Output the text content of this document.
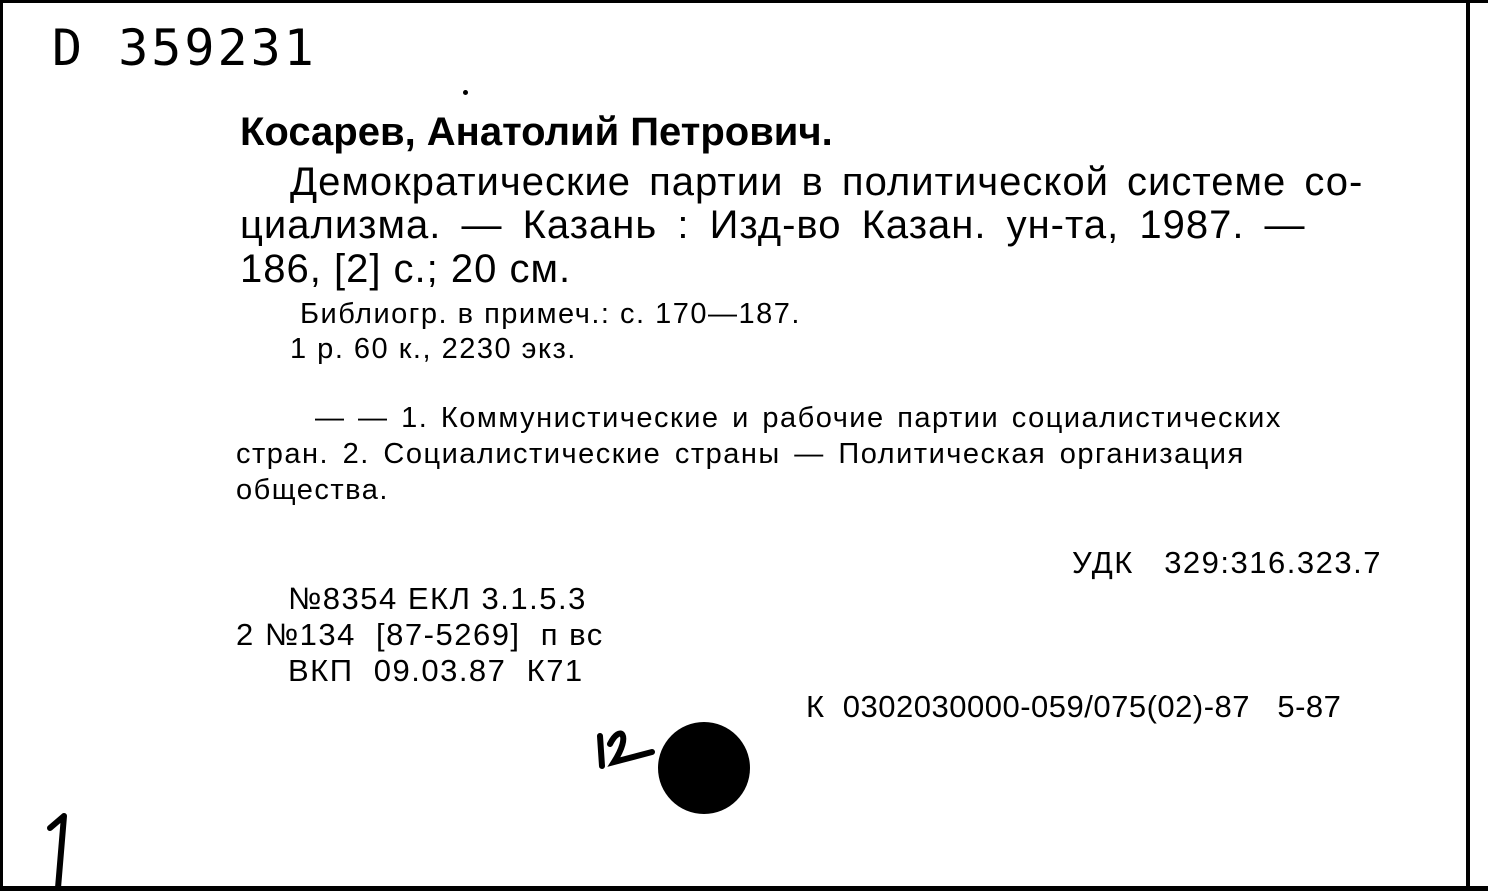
D 359231
Косарев, Анатолий Петрович.
Демократические партии в политической системе со-
циализма. — Казань : Изд-во Казан. ун-та, 1987. —
186, [2] с.; 20 см.
Библиогр. в примеч.: с. 170—187.
1 р. 60 к., 2230 экз.
— — 1. Коммунистические и рабочие партии социалистических
стран. 2. Социалистические страны — Политическая организация
общества.
УДК   329:316.323.7
№8354 ЕКЛ 3.1.5.3
2 №134  [87-5269]  п вс
ВКП  09.03.87  К71
К  0302030000-059/075(02)-87   5-87
